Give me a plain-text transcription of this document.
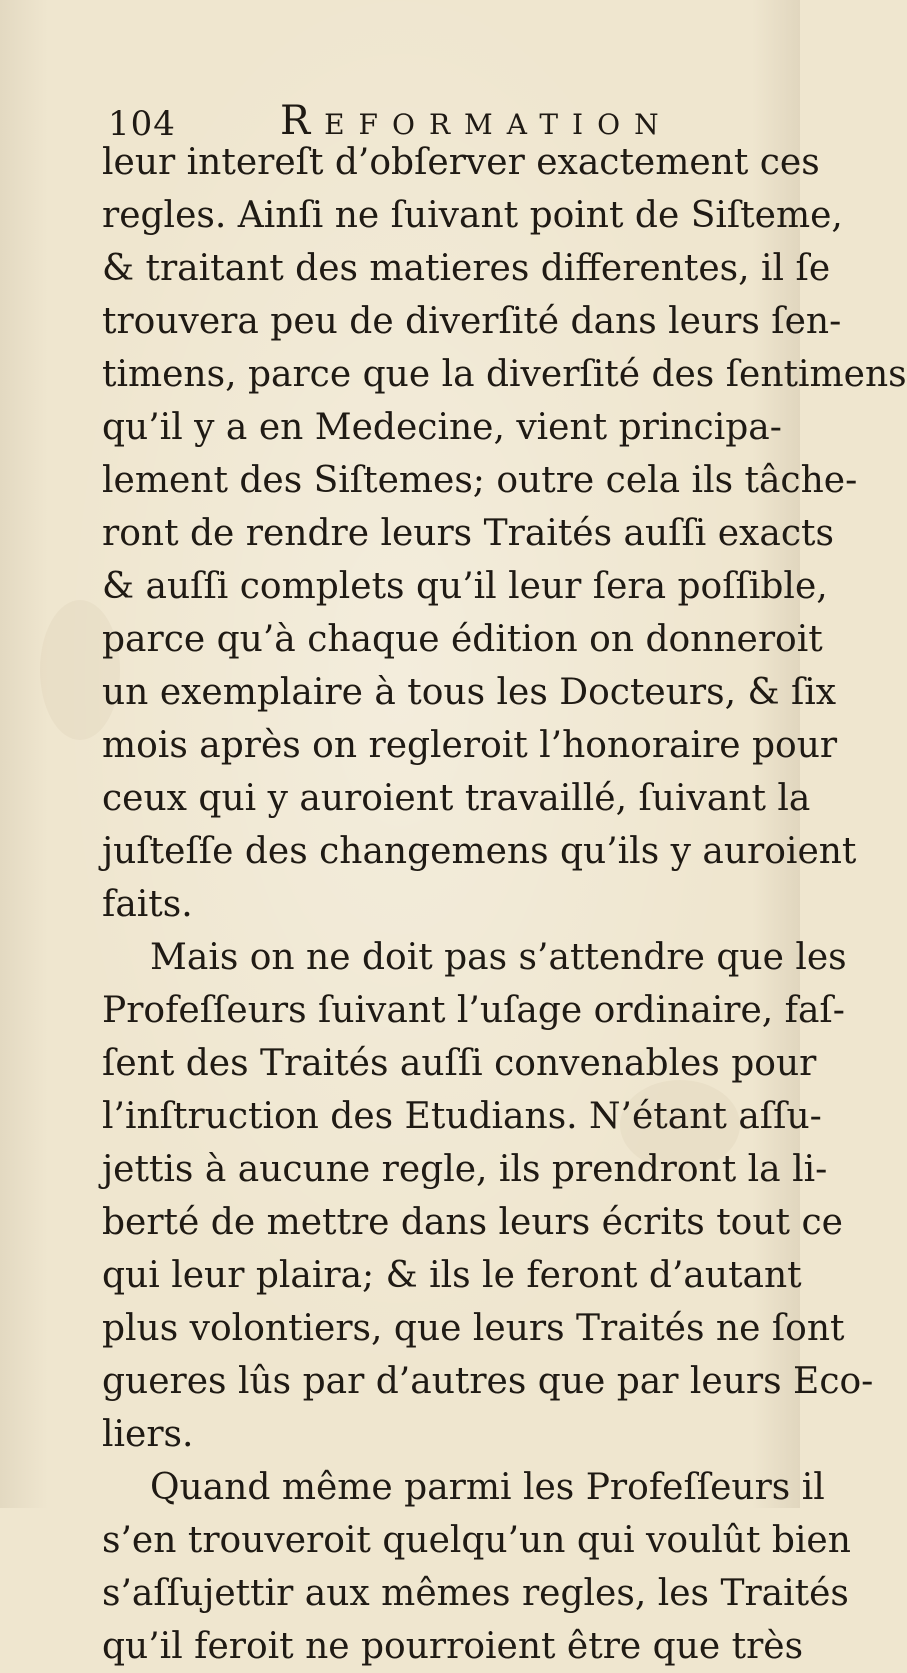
104	Reformation
leur intereſt d’obſerver exactement ces
regles. Ainſi ne ſuivant point de Siſteme,
& traitant des matieres differentes, il ſe
trouvera peu de diverſité dans leurs ſen-
timens, parce que la diverſité des ſentimens
qu’il y a en Medecine, vient principa-
lement des Siſtemes; outre cela ils tâche-
ront de rendre leurs Traités auſſi exacts
& auſſi complets qu’il leur ſera poſſible,
parce qu’à chaque édition on donneroit
un exemplaire à tous les Docteurs, & ſix
mois après on regleroit l’honoraire pour
ceux qui y auroient travaillé, ſuivant la
juſteſſe des changemens qu’ils y auroient
faits.
Mais on ne doit pas s’attendre que les
Profeſſeurs ſuivant l’uſage ordinaire, faſ-
ſent des Traités auſſi convenables pour
l’inſtruction des Etudians. N’étant aſſu-
jettis à aucune regle, ils prendront la li-
berté de mettre dans leurs écrits tout ce
qui leur plaira; & ils le feront d’autant
plus volontiers, que leurs Traités ne ſont
gueres lûs par d’autres que par leurs Eco-
liers.
Quand même parmi les Profeſſeurs il
s’en trouveroit quelqu’un qui voulût bien
s’aſſujettir aux mêmes regles, les Traités
qu’il feroit ne pourroient être que très
